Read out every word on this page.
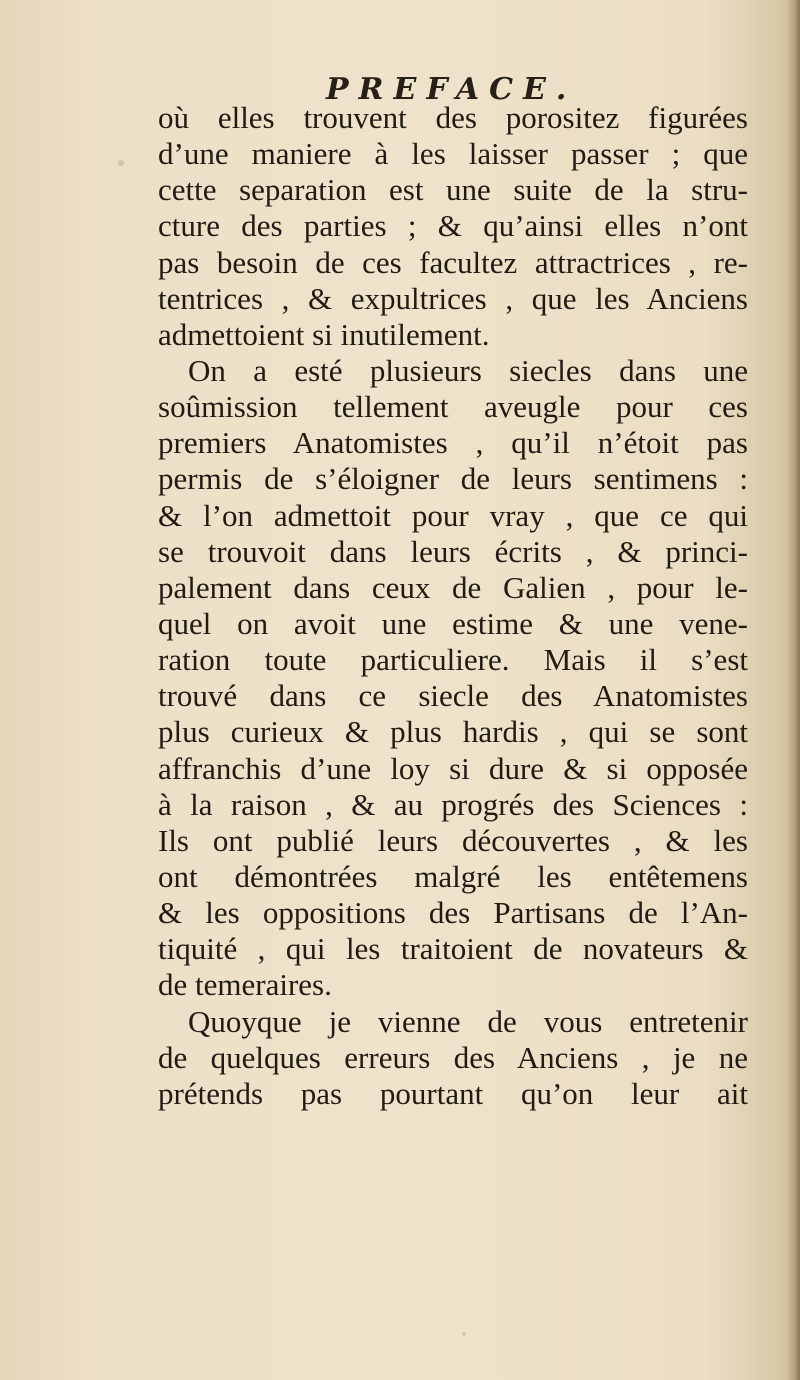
PREFACE.
où elles trouvent des porositez figurées
d’une maniere à les laisser passer ; que
cette separation est une suite de la stru-
cture des parties ; & qu’ainsi elles n’ont
pas besoin de ces facultez attractrices , re-
tentrices , & expultrices , que les Anciens
admettoient si inutilement.
On a esté plusieurs siecles dans une
soûmission tellement aveugle pour ces
premiers Anatomistes , qu’il n’étoit pas
permis de s’éloigner de leurs sentimens :
& l’on admettoit pour vray , que ce qui
se trouvoit dans leurs écrits , & princi-
palement dans ceux de Galien , pour le-
quel on avoit une estime & une vene-
ration toute particuliere. Mais il s’est
trouvé dans ce siecle des Anatomistes
plus curieux & plus hardis , qui se sont
affranchis d’une loy si dure & si opposée
à la raison , & au progrés des Sciences :
Ils ont publié leurs découvertes , & les
ont démontrées malgré les entêtemens
& les oppositions des Partisans de l’An-
tiquité , qui les traitoient de novateurs &
de temeraires.
Quoyque je vienne de vous entretenir
de quelques erreurs des Anciens , je ne
prétends pas pourtant qu’on leur ait
